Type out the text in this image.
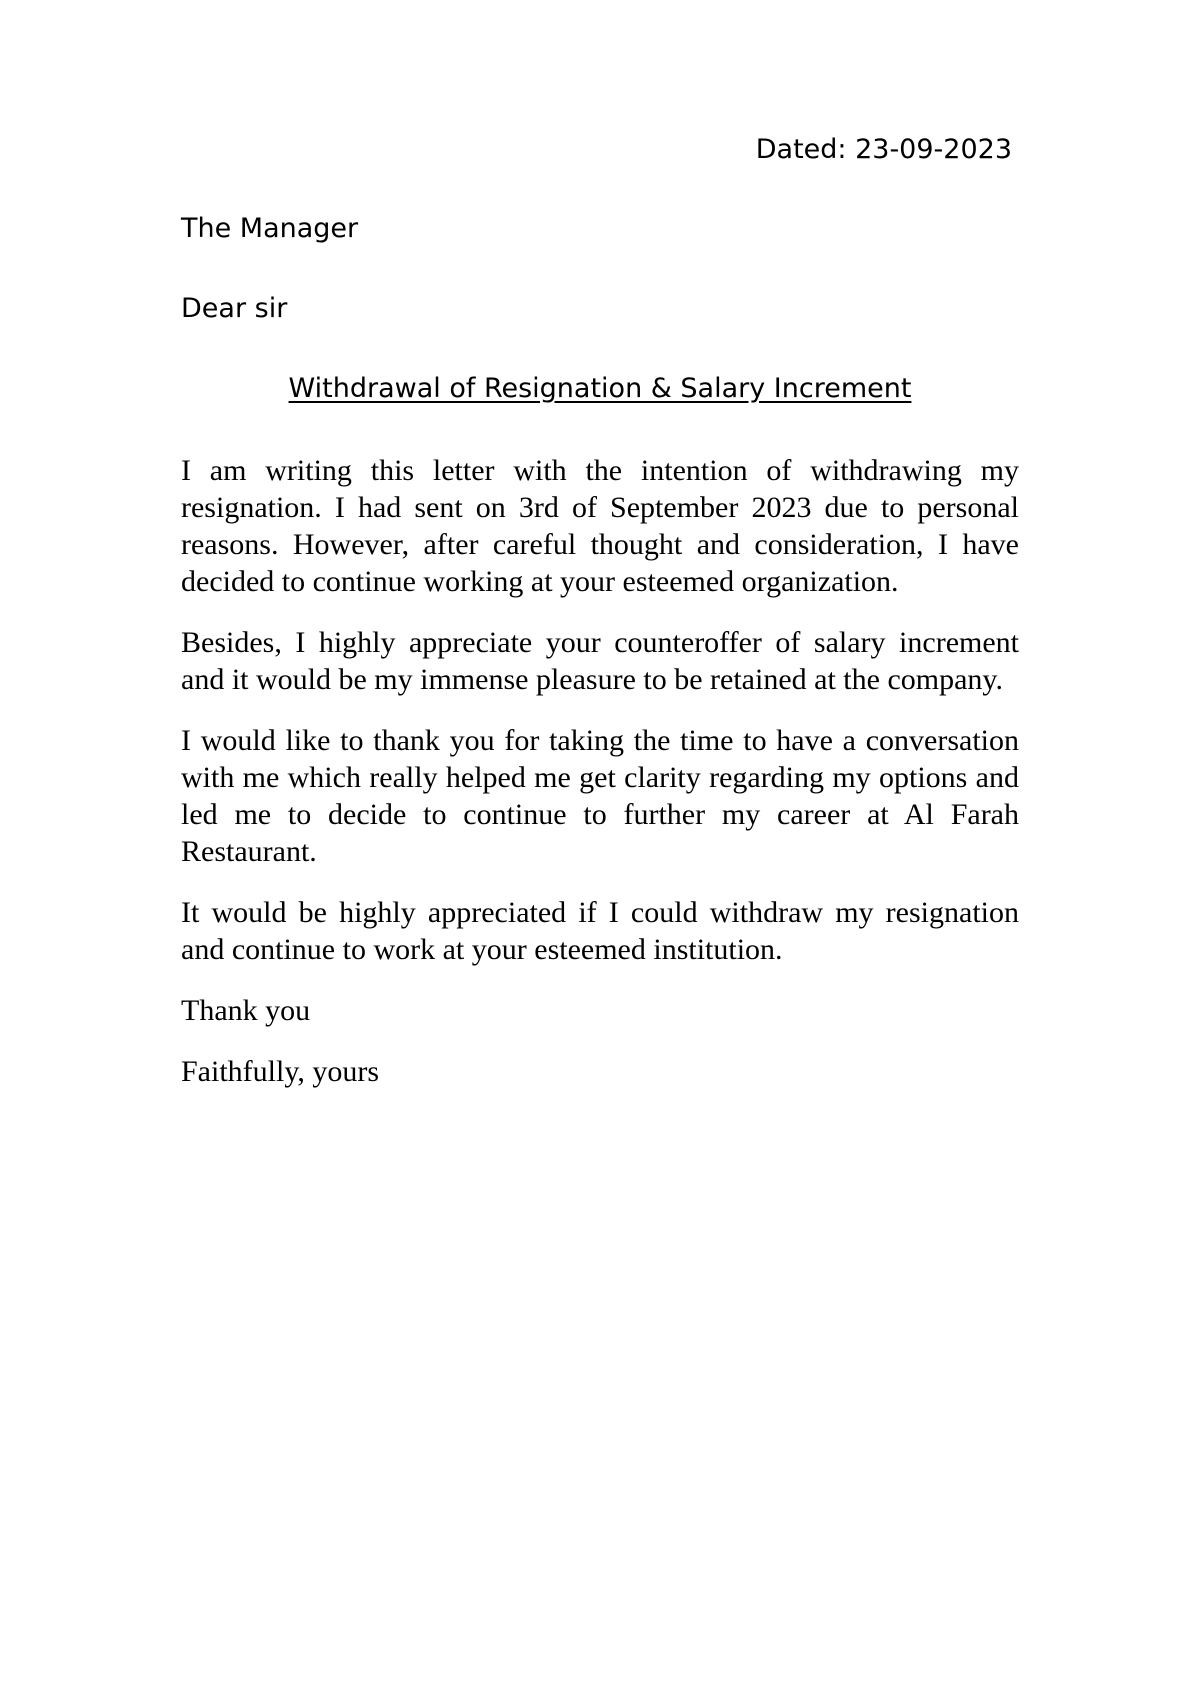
Dated: 23-09-2023
The Manager
Dear sir
Withdrawal of Resignation & Salary Increment

I am writing this letter with the intention of withdrawing my resignation. I had sent on 3rd of September 2023 due to personal reasons. However, after careful thought and consideration, I have decided to continue working at your esteemed organization.

Besides, I highly appreciate your counteroffer of salary increment and it would be my immense pleasure to be retained at the company.

I would like to thank you for taking the time to have a conversation with me which really helped me get clarity regarding my options and led me to decide to continue to further my career at Al Farah Restaurant.

It would be highly appreciated if I could withdraw my resignation and continue to work at your esteemed institution.

Thank you

Faithfully, yours
